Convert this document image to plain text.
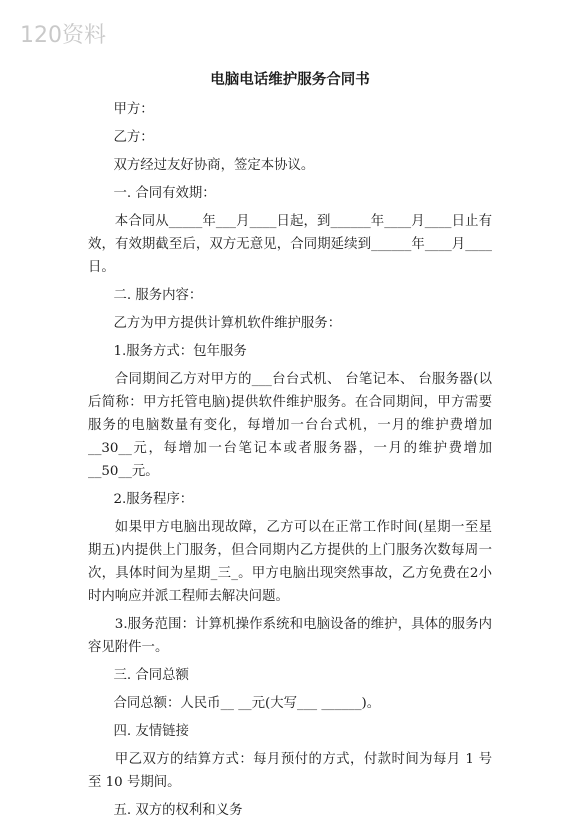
120资料
电脑电话维护服务合同书

甲方：

乙方：

双方经过友好协商，签定本协议。

一. 合同有效期：

本合同从_____年___月____日起，到______年____月____日止有效，有效期截至后，双方无意见，合同期延续到______年____月____日。

二. 服务内容：

乙方为甲方提供计算机软件维护服务：

1.服务方式：包年服务

合同期间乙方对甲方的___台台式机、 台笔记本、 台服务器(以后简称：甲方托管电脑)提供软件维护服务。在合同期间，甲方需要服务的电脑数量有变化，每增加一台台式机，一月的维护费增加__30__元，每增加一台笔记本或者服务器，一月的维护费增加__50__元。

2.服务程序：

如果甲方电脑出现故障，乙方可以在正常工作时间(星期一至星期五)内提供上门服务，但合同期内乙方提供的上门服务次数每周一次，具体时间为星期_三_。甲方电脑出现突然事故，乙方免费在2小时内响应并派工程师去解决问题。

3.服务范围：计算机操作系统和电脑设备的维护，具体的服务内容见附件一。

三. 合同总额

合同总额：人民币__ __元(大写___ ______)。

四. 友情链接

甲乙双方的结算方式：每月预付的方式，付款时间为每月 1 号至 10 号期间。

五. 双方的权利和义务
